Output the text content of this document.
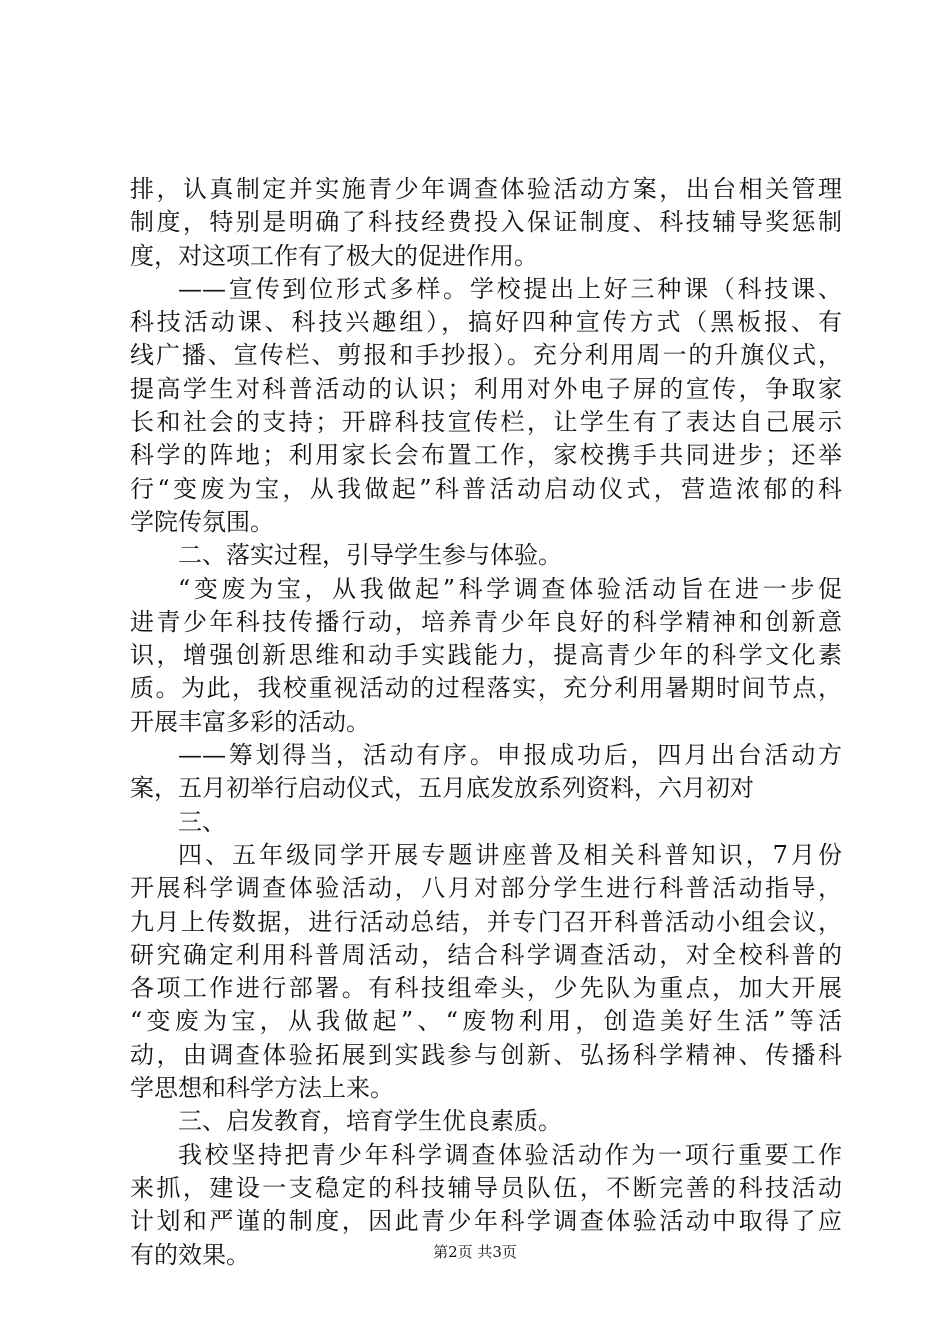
排，认真制定并实施青少年调查体验活动方案，出台相关管理
制度，特别是明确了科技经费投入保证制度、科技辅导奖惩制
度，对这项工作有了极大的促进作用。
——宣传到位形式多样。学校提出上好三种课（科技课、
科技活动课、科技兴趣组），搞好四种宣传方式（黑板报、有
线广播、宣传栏、剪报和手抄报）。充分利用周一的升旗仪式，
提高学生对科普活动的认识；利用对外电子屏的宣传，争取家
长和社会的支持；开辟科技宣传栏，让学生有了表达自己展示
科学的阵地；利用家长会布置工作，家校携手共同进步；还举
行“变废为宝，从我做起”科普活动启动仪式，营造浓郁的科
学院传氛围。
二、落实过程，引导学生参与体验。
“变废为宝，从我做起”科学调查体验活动旨在进一步促
进青少年科技传播行动，培养青少年良好的科学精神和创新意
识，增强创新思维和动手实践能力，提高青少年的科学文化素
质。为此，我校重视活动的过程落实，充分利用暑期时间节点，
开展丰富多彩的活动。
——筹划得当，活动有序。申报成功后，四月出台活动方
案，五月初举行启动仪式，五月底发放系列资料，六月初对
三、
四、五年级同学开展专题讲座普及相关科普知识，7月份
开展科学调查体验活动，八月对部分学生进行科普活动指导，
九月上传数据，进行活动总结，并专门召开科普活动小组会议，
研究确定利用科普周活动，结合科学调查活动，对全校科普的
各项工作进行部署。有科技组牵头，少先队为重点，加大开展
“变废为宝，从我做起”、“废物利用，创造美好生活”等活
动，由调查体验拓展到实践参与创新、弘扬科学精神、传播科
学思想和科学方法上来。
三、启发教育，培育学生优良素质。
我校坚持把青少年科学调查体验活动作为一项行重要工作
来抓，建设一支稳定的科技辅导员队伍，不断完善的科技活动
计划和严谨的制度，因此青少年科学调查体验活动中取得了应
有的效果。	第2页 共3页
